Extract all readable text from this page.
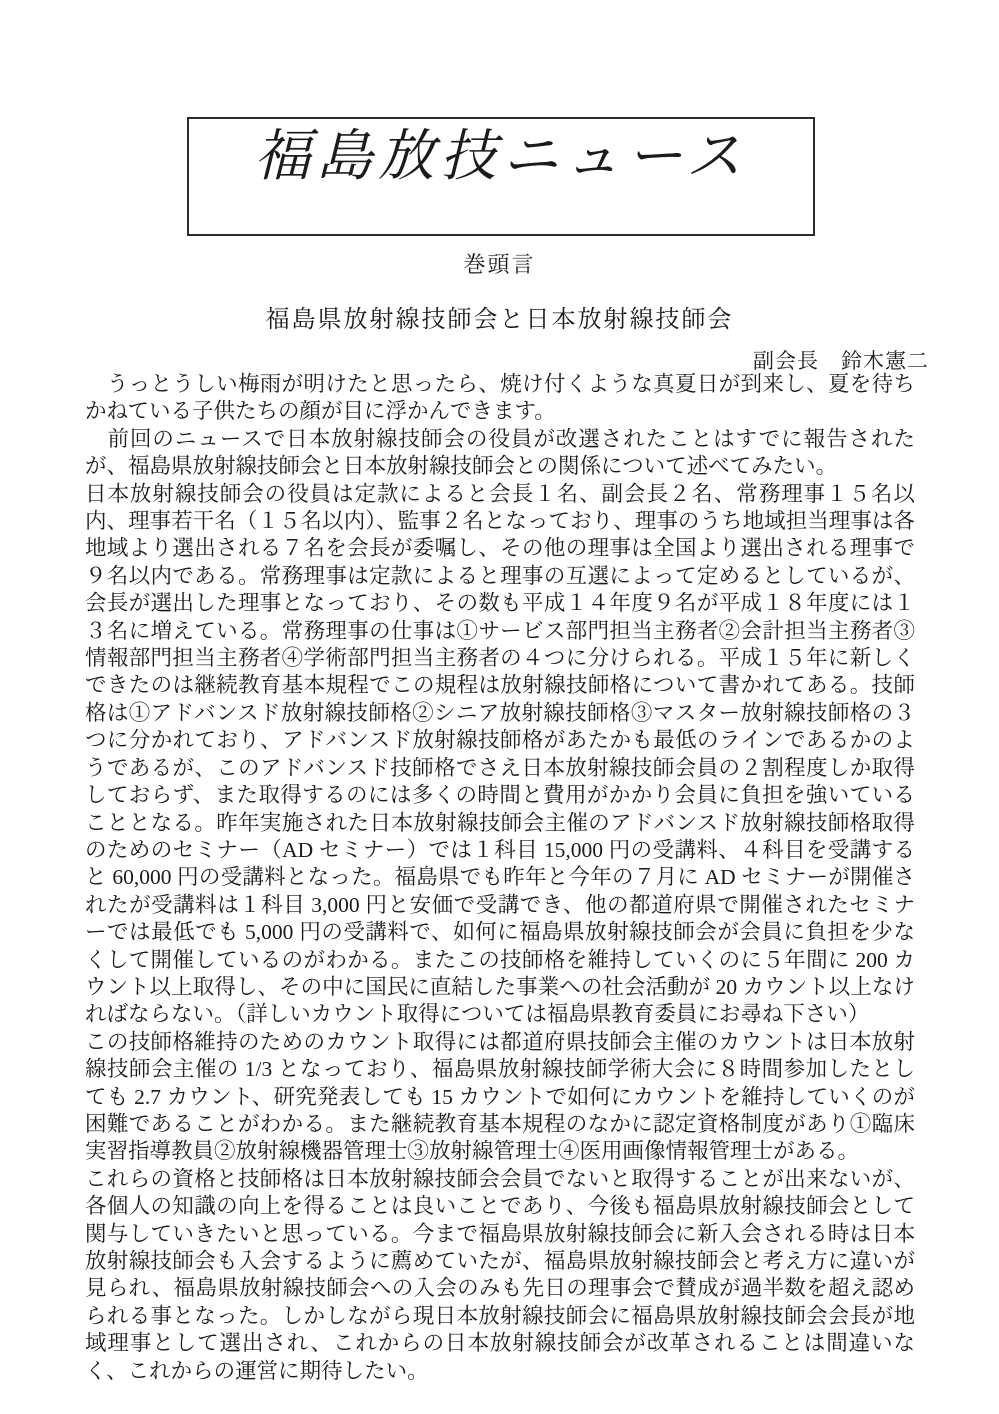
福島放技ニュース
巻頭言
福島県放射線技師会と日本放射線技師会
副会長　鈴木憲二

　うっとうしい梅雨が明けたと思ったら、焼け付くような真夏日が到来し、夏を待ちかねている子供たちの顔が目に浮かんできます。

　前回のニュースで日本放射線技師会の役員が改選されたことはすでに報告されたが、福島県放射線技師会と日本放射線技師会との関係について述べてみたい。

日本放射線技師会の役員は定款によると会長１名、副会長２名、常務理事１５名以内、理事若干名（１５名以内）、監事２名となっており、理事のうち地域担当理事は各地域より選出される７名を会長が委嘱し、その他の理事は全国より選出される理事で９名以内である。常務理事は定款によると理事の互選によって定めるとしているが、会長が選出した理事となっており、その数も平成１４年度９名が平成１８年度には１３名に増えている。常務理事の仕事は①サービス部門担当主務者②会計担当主務者③情報部門担当主務者④学術部門担当主務者の４つに分けられる。平成１５年に新しくできたのは継続教育基本規程でこの規程は放射線技師格について書かれてある。技師格は①アドバンスド放射線技師格②シニア放射線技師格③マスター放射線技師格の３つに分かれており、アドバンスド放射線技師格があたかも最低のラインであるかのようであるが、このアドバンスド技師格でさえ日本放射線技師会員の２割程度しか取得しておらず、また取得するのには多くの時間と費用がかかり会員に負担を強いていることとなる。昨年実施された日本放射線技師会主催のアドバンスド放射線技師格取得のためのセミナー（AD セミナー）では１科目 15,000 円の受講料、４科目を受講すると 60,000 円の受講料となった。福島県でも昨年と今年の７月に AD セミナーが開催されたが受講料は１科目 3,000 円と安価で受講でき、他の都道府県で開催されたセミナーでは最低でも 5,000 円の受講料で、如何に福島県放射線技師会が会員に負担を少なくして開催しているのがわかる。またこの技師格を維持していくのに５年間に 200 カウント以上取得し、その中に国民に直結した事業への社会活動が 20 カウント以上なければならない。（詳しいカウント取得については福島県教育委員にお尋ね下さい）

この技師格維持のためのカウント取得には都道府県技師会主催のカウントは日本放射線技師会主催の 1/3 となっており、福島県放射線技師学術大会に８時間参加したとしても 2.7 カウント、研究発表しても 15 カウントで如何にカウントを維持していくのが困難であることがわかる。また継続教育基本規程のなかに認定資格制度があり①臨床実習指導教員②放射線機器管理士③放射線管理士④医用画像情報管理士がある。

これらの資格と技師格は日本放射線技師会会員でないと取得することが出来ないが、各個人の知識の向上を得ることは良いことであり、今後も福島県放射線技師会として関与していきたいと思っている。今まで福島県放射線技師会に新入会される時は日本放射線技師会も入会するように薦めていたが、福島県放射線技師会と考え方に違いが見られ、福島県放射線技師会への入会のみも先日の理事会で賛成が過半数を超え認められる事となった。しかしながら現日本放射線技師会に福島県放射線技師会会長が地域理事として選出され、これからの日本放射線技師会が改革されることは間違いなく、これからの運営に期待したい。
